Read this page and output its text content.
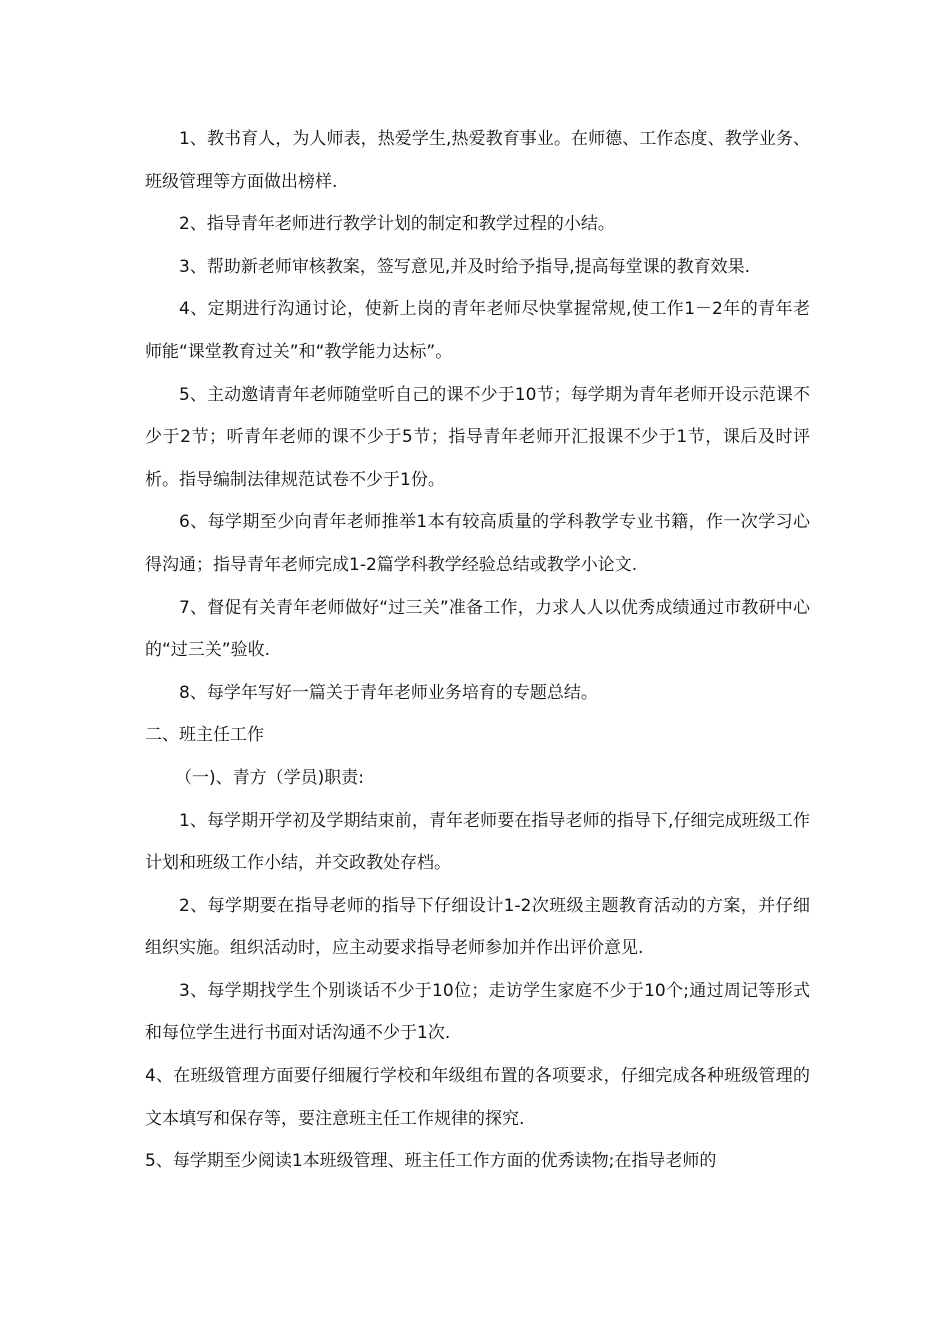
1、教书育人，为人师表，热爱学生,热爱教育事业。在师德、工作态度、教学业务、班级管理等方面做出榜样.

2、指导青年老师进行教学计划的制定和教学过程的小结。

3、帮助新老师审核教案，签写意见,并及时给予指导,提高每堂课的教育效果.

4、定期进行沟通讨论，使新上岗的青年老师尽快掌握常规,使工作1－2年的青年老师能“课堂教育过关”和“教学能力达标”。

5、主动邀请青年老师随堂听自己的课不少于10节；每学期为青年老师开设示范课不少于2节；听青年老师的课不少于5节；指导青年老师开汇报课不少于1节，课后及时评析。指导编制法律规范试卷不少于1份。

6、每学期至少向青年老师推举1本有较高质量的学科教学专业书籍，作一次学习心得沟通；指导青年老师完成1-2篇学科教学经验总结或教学小论文.

7、督促有关青年老师做好“过三关”准备工作，力求人人以优秀成绩通过市教研中心的“过三关”验收.

8、每学年写好一篇关于青年老师业务培育的专题总结。

二、班主任工作

（一)、青方（学员)职责:

1、每学期开学初及学期结束前，青年老师要在指导老师的指导下,仔细完成班级工作计划和班级工作小结，并交政教处存档。

2、每学期要在指导老师的指导下仔细设计1-2次班级主题教育活动的方案，并仔细组织实施。组织活动时，应主动要求指导老师参加并作出评价意见.

3、每学期找学生个别谈话不少于10位；走访学生家庭不少于10个;通过周记等形式和每位学生进行书面对话沟通不少于1次.

4、在班级管理方面要仔细履行学校和年级组布置的各项要求，仔细完成各种班级管理的文本填写和保存等，要注意班主任工作规律的探究.

5、每学期至少阅读1本班级管理、班主任工作方面的优秀读物;在指导老师的
